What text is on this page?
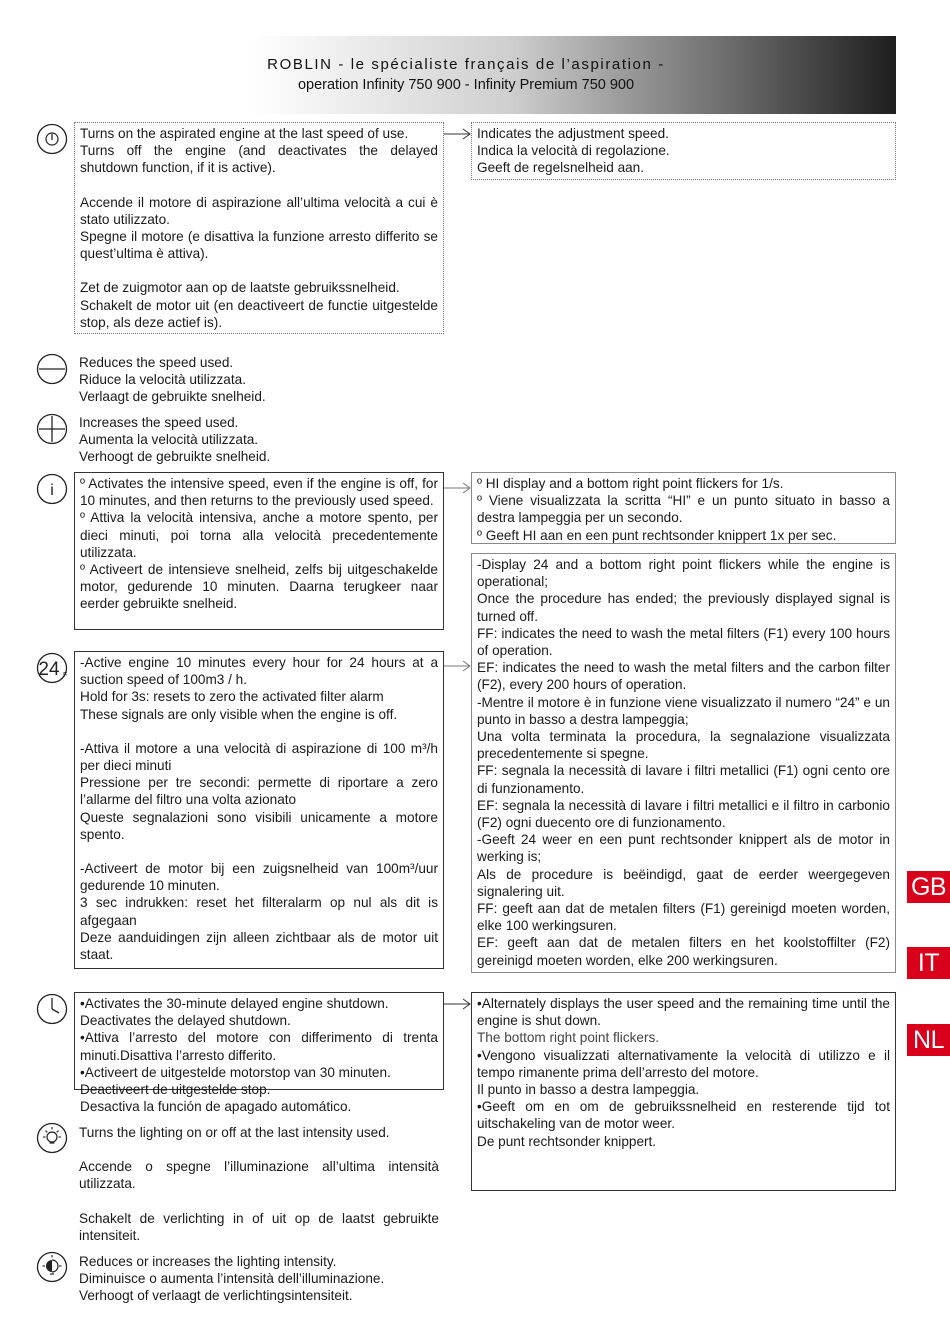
ROBLIN - le spécialiste français de l’aspiration -
operation Infinity 750 900 - Infinity Premium 750 900

Turns on the aspirated engine at the last speed of use.

Turns off the engine (and deactivates the delayed shutdown function, if it is active).

Accende il motore di aspirazione all’ultima velocità a cui è stato utilizzato.

Spegne il motore (e disattiva la funzione arresto differito se quest’ultima è attiva).

Zet de zuigmotor aan op de laatste gebruikssnelheid.

Schakelt de motor uit (en deactiveert de functie uitgestelde stop, als deze actief is).

Indicates the adjustment speed.

Indica la velocità di regolazione.

Geeft de regelsnelheid aan.

Reduces the speed used.

Riduce la velocità utilizzata.

Verlaagt de gebruikte snelheid.

Increases the speed used.

Aumenta la velocità utilizzata.

Verhoogt de gebruikte snelheid.

i º Activates the intensive speed, even if the engine is off, for 10 minutes, and then returns to the previously used speed.

º Attiva la velocità intensiva, anche a motore spento, per dieci minuti, poi torna alla velocità precedentemente utilizzata.

º Activeert de intensieve snelheid, zelfs bij uitgeschakelde motor, gedurende 10 minuten. Daarna terugkeer naar eerder gebruikte snelheid.

º HI display and a bottom right point flickers for 1/s.

º Viene visualizzata la scritta “HI” e un punto situato in basso a destra lampeggia per un secondo.

º Geeft HI aan en een punt rechtsonder knippert 1x per sec.

24 F

-Active engine 10 minutes every hour for 24 hours at a suction speed of 100m3 / h.

Hold for 3s: resets to zero the activated filter alarm

These signals are only visible when the engine is off.

-Attiva il motore a una velocità di aspirazione di 100 m³/h per dieci minuti

Pressione per tre secondi: permette di riportare a zero l’allarme del filtro una volta azionato

Queste segnalazioni sono visibili unicamente a motore spento.

-Activeert de motor bij een zuigsnelheid van 100m³/uur gedurende 10 minuten.

3 sec indrukken: reset het filteralarm op nul als dit is afgegaan

Deze aanduidingen zijn alleen zichtbaar als de motor uit staat.

-Display 24 and a bottom right point flickers while the engine is operational;

Once the procedure has ended; the previously displayed signal is turned off.

FF: indicates the need to wash the metal filters (F1) every 100 hours of operation.

EF: indicates the need to wash the metal filters and the carbon filter (F2), every 200 hours of operation.

-Mentre il motore è in funzione viene visualizzato il numero “24” e un punto in basso a destra lampeggia;

Una volta terminata la procedura, la segnalazione visualizzata precedentemente si spegne.

FF: segnala la necessità di lavare i filtri metallici (F1) ogni cento ore di funzionamento.

EF: segnala la necessità di lavare i filtri metallici e il filtro in carbonio (F2) ogni duecento ore di funzionamento.

-Geeft 24 weer en een punt rechtsonder knippert als de motor in werking is;

Als de procedure is beëindigd, gaat de eerder weergegeven signalering uit.

FF: geeft aan dat de metalen filters (F1) gereinigd moeten worden, elke 100 werkingsuren.

EF: geeft aan dat de metalen filters en het koolstoffilter (F2) gereinigd moeten worden, elke 200 werkingsuren.

GB
IT
NL

•Activates the 30-minute delayed engine shutdown.

Deactivates the delayed shutdown.

•Attiva l’arresto del motore con differimento di trenta minuti.Disattiva l’arresto differito.

•Activeert de uitgestelde motorstop van 30 minuten.

Deactiveert de uitgestelde stop.

Desactiva la función de apagado automático.

•Alternately displays the user speed and the remaining time until the engine is shut down.

The bottom right point flickers.

•Vengono visualizzati alternativamente la velocità di utilizzo e il tempo rimanente prima dell’arresto del motore.

Il punto in basso a destra lampeggia.

•Geeft om en om de gebruikssnelheid en resterende tijd tot uitschakeling van de motor weer.

De punt rechtsonder knippert.

Turns the lighting on or off at the last intensity used.

Accende o spegne l’illuminazione all’ultima intensità utilizzata.

Schakelt de verlichting in of uit op de laatst gebruikte intensiteit.

Reduces or increases the lighting intensity.

Diminuisce o aumenta l’intensità dell’illuminazione.

Verhoogt of verlaagt de verlichtingsintensiteit.
